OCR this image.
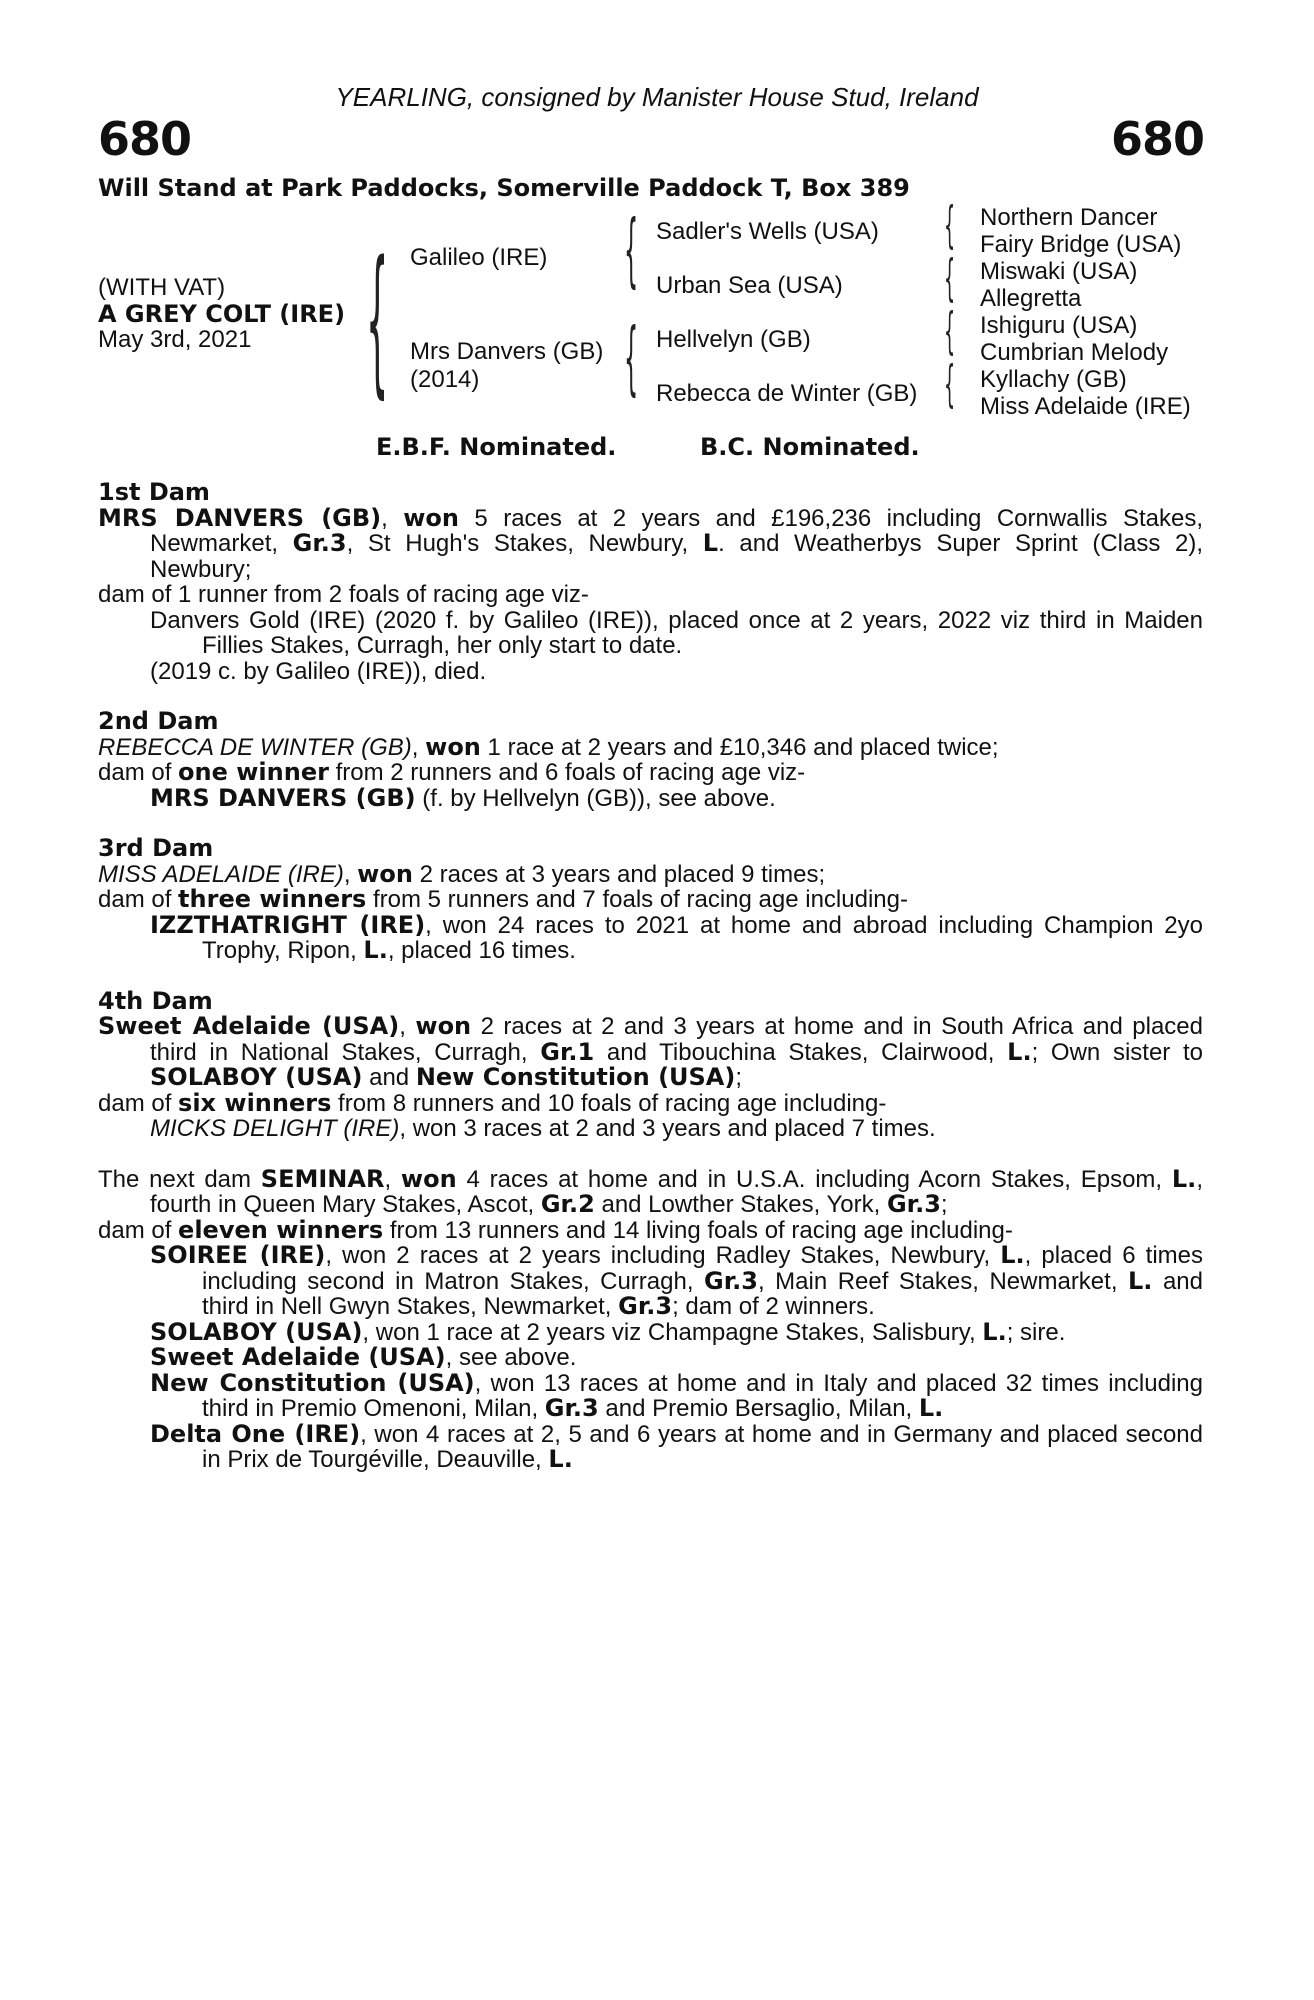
YEARLING, consigned by Manister House Stud, Ireland
680	680
Will Stand at Park Paddocks, Somerville Paddock T, Box 389
(WITH VAT)
A GREY COLT (IRE)
May 3rd, 2021 {	{
{
{
{
{
{
Galileo (IRE)
Mrs Danvers (GB)
(2014)
Sadler's Wells (USA)
Urban Sea (USA)
Hellvelyn (GB)
Rebecca de Winter (GB)
Northern Dancer
Fairy Bridge (USA)
Miswaki (USA)
Allegretta
Ishiguru (USA)
Cumbrian Melody
Kyllachy (GB)
Miss Adelaide (IRE)
E.B.F. Nominated.	B.C. Nominated.

1st Dam

MRS DANVERS (GB), won 5 races at 2 years and £196,236 including Cornwallis Stakes, Newmarket, Gr.3, St Hugh's Stakes, Newbury, L. and Weatherbys Super Sprint (Class 2), Newbury;

dam of 1 runner from 2 foals of racing age viz-

Danvers Gold (IRE) (2020 f. by Galileo (IRE)), placed once at 2 years, 2022 viz third in Maiden Fillies Stakes, Curragh, her only start to date.

(2019 c. by Galileo (IRE)), died.

2nd Dam

REBECCA DE WINTER (GB), won 1 race at 2 years and £10,346 and placed twice;

dam of one winner from 2 runners and 6 foals of racing age viz-

MRS DANVERS (GB) (f. by Hellvelyn (GB)), see above.

3rd Dam

MISS ADELAIDE (IRE), won 2 races at 3 years and placed 9 times;

dam of three winners from 5 runners and 7 foals of racing age including-

IZZTHATRIGHT (IRE), won 24 races to 2021 at home and abroad including Champion 2yo Trophy, Ripon, L., placed 16 times.

4th Dam

Sweet Adelaide (USA), won 2 races at 2 and 3 years at home and in South Africa and placed third in National Stakes, Curragh, Gr.1 and Tibouchina Stakes, Clairwood, L.; Own sister to SOLABOY (USA) and New Constitution (USA);

dam of six winners from 8 runners and 10 foals of racing age including-

MICKS DELIGHT (IRE), won 3 races at 2 and 3 years and placed 7 times.

The next dam SEMINAR, won 4 races at home and in U.S.A. including Acorn Stakes, Epsom, L., fourth in Queen Mary Stakes, Ascot, Gr.2 and Lowther Stakes, York, Gr.3;

dam of eleven winners from 13 runners and 14 living foals of racing age including-

SOIREE (IRE), won 2 races at 2 years including Radley Stakes, Newbury, L., placed 6 times including second in Matron Stakes, Curragh, Gr.3, Main Reef Stakes, Newmarket, L. and third in Nell Gwyn Stakes, Newmarket, Gr.3; dam of 2 winners.

SOLABOY (USA), won 1 race at 2 years viz Champagne Stakes, Salisbury, L.; sire.

Sweet Adelaide (USA), see above.

New Constitution (USA), won 13 races at home and in Italy and placed 32 times including third in Premio Omenoni, Milan, Gr.3 and Premio Bersaglio, Milan, L.

Delta One (IRE), won 4 races at 2, 5 and 6 years at home and in Germany and placed second in Prix de Tourgéville, Deauville, L.
